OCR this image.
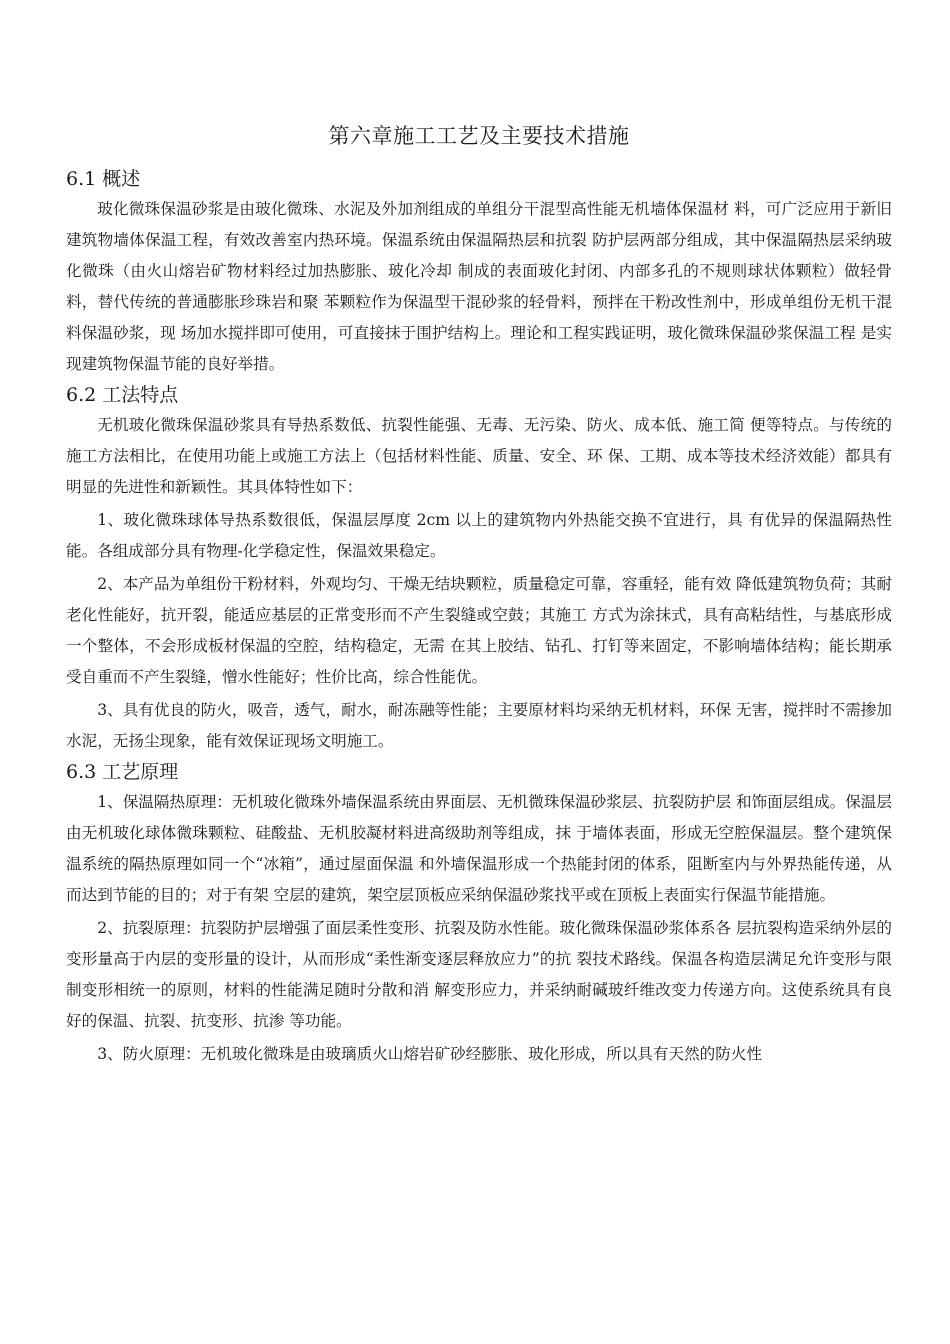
第六章施工工艺及主要技术措施
6.1 概述

玻化微珠保温砂浆是由玻化微珠、水泥及外加剂组成的单组分干混型高性能无机墙体保温材 料，可广泛应用于新旧建筑物墙体保温工程，有效改善室内热环境。保温系统由保温隔热层和抗裂 防护层两部分组成，其中保温隔热层采纳玻化微珠（由火山熔岩矿物材料经过加热膨胀、玻化冷却 制成的表面玻化封闭、内部多孔的不规则球状体颗粒）做轻骨料，替代传统的普通膨胀珍珠岩和聚 苯颗粒作为保温型干混砂浆的轻骨料，预拌在干粉改性剂中，形成单组份无机干混料保温砂浆，现 场加水搅拌即可使用，可直接抹于围护结构上。理论和工程实践证明，玻化微珠保温砂浆保温工程 是实现建筑物保温节能的良好举措。

6.2 工法特点

无机玻化微珠保温砂浆具有导热系数低、抗裂性能强、无毒、无污染、防火、成本低、施工简 便等特点。与传统的施工方法相比，在使用功能上或施工方法上（包括材料性能、质量、安全、环 保、工期、成本等技术经济效能）都具有明显的先进性和新颖性。其具体特性如下：

1、玻化微珠球体导热系数很低，保温层厚度 2cm 以上的建筑物内外热能交换不宜进行，具 有优异的保温隔热性能。各组成部分具有物理-化学稳定性，保温效果稳定。

2、本产品为单组份干粉材料，外观均匀、干燥无结块颗粒，质量稳定可靠，容重轻，能有效 降低建筑物负荷；其耐老化性能好，抗开裂，能适应基层的正常变形而不产生裂缝或空鼓；其施工 方式为涂抹式，具有高粘结性，与基底形成一个整体，不会形成板材保温的空腔，结构稳定，无需 在其上胶结、钻孔、打钉等来固定，不影响墙体结构；能长期承受自重而不产生裂缝，憎水性能好；性价比高，综合性能优。

3、具有优良的防火，吸音，透气，耐水，耐冻融等性能；主要原材料均采纳无机材料，环保 无害，搅拌时不需掺加水泥，无扬尘现象，能有效保证现场文明施工。

6.3 工艺原理

1、保温隔热原理：无机玻化微珠外墙保温系统由界面层、无机微珠保温砂浆层、抗裂防护层 和饰面层组成。保温层由无机玻化球体微珠颗粒、硅酸盐、无机胶凝材料进高级助剂等组成，抹 于墙体表面，形成无空腔保温层。整个建筑保温系统的隔热原理如同一个“冰箱”，通过屋面保温 和外墙保温形成一个热能封闭的体系，阻断室内与外界热能传递，从而达到节能的目的；对于有架 空层的建筑，架空层顶板应采纳保温砂浆找平或在顶板上表面实行保温节能措施。

2、抗裂原理：抗裂防护层增强了面层柔性变形、抗裂及防水性能。玻化微珠保温砂浆体系各 层抗裂构造采纳外层的变形量高于内层的变形量的设计，从而形成“柔性渐变逐层释放应力”的抗 裂技术路线。保温各构造层满足允许变形与限制变形相统一的原则，材料的性能满足随时分散和消 解变形应力，并采纳耐碱玻纤维改变力传递方向。这使系统具有良好的保温、抗裂、抗变形、抗渗 等功能。

3、防火原理：无机玻化微珠是由玻璃质火山熔岩矿砂经膨胀、玻化形成，所以具有天然的防火性
